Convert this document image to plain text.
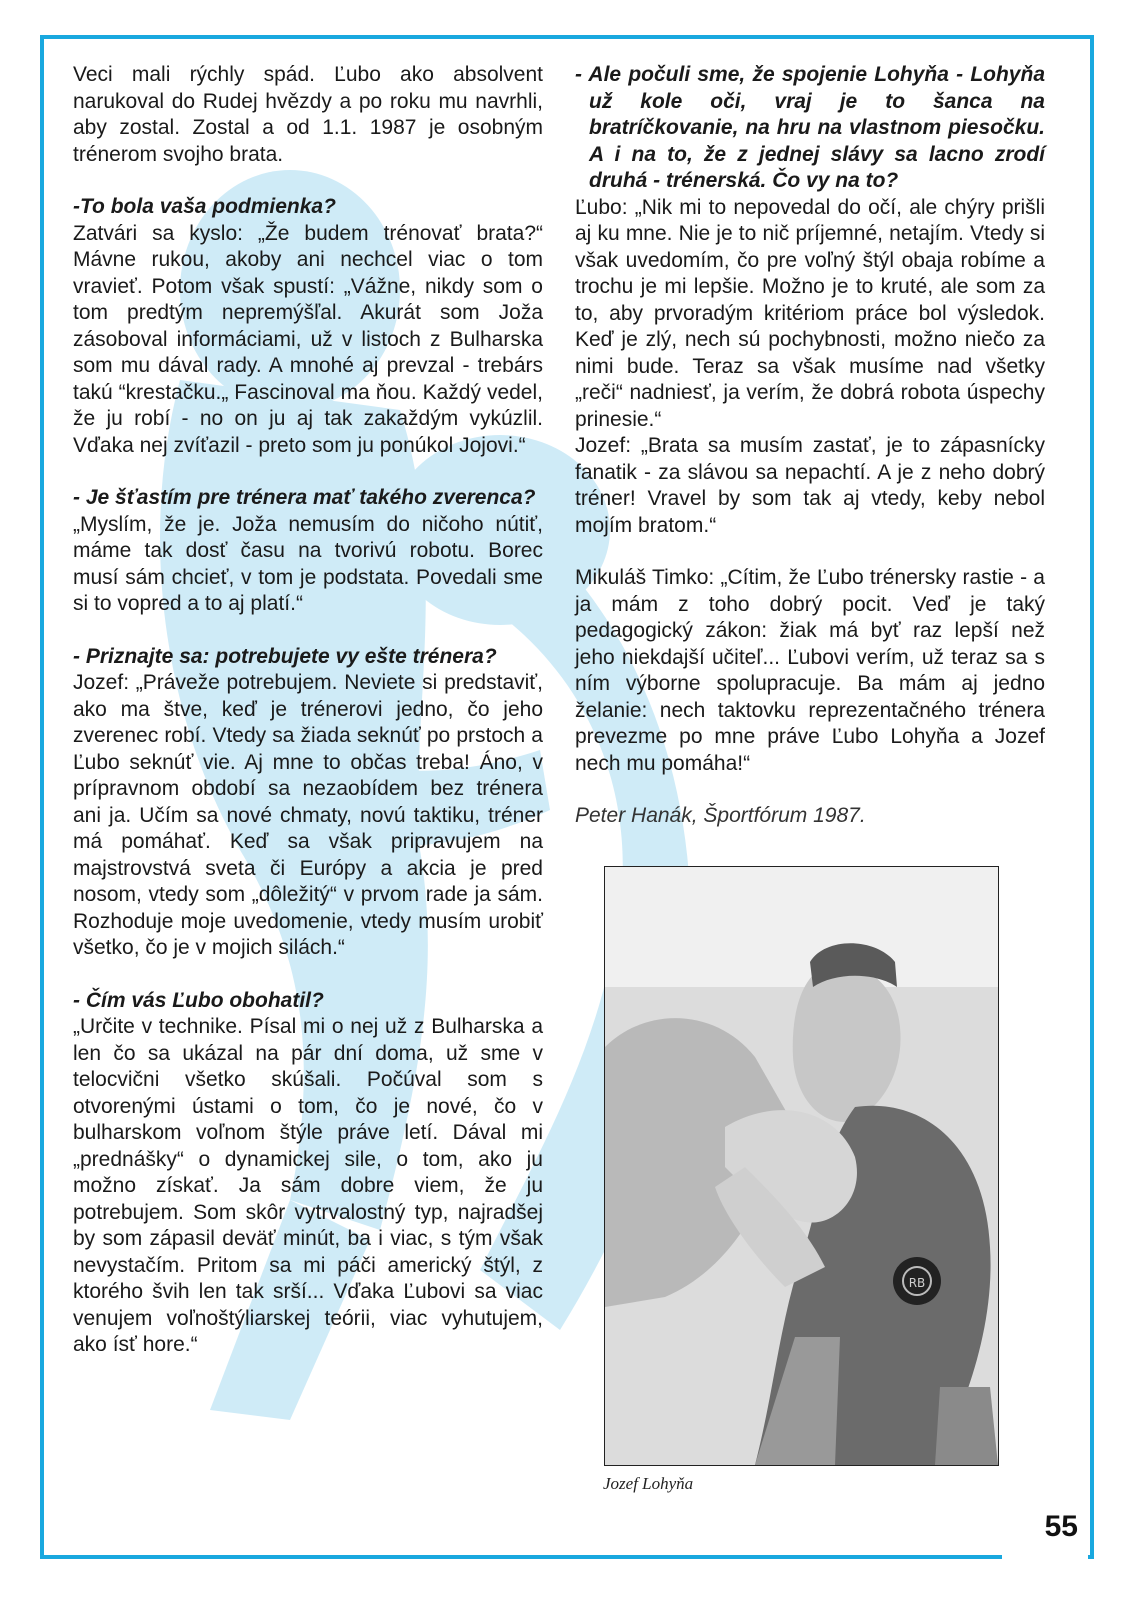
Veci mali rýchly spád. Ľubo ako absolvent narukoval do Rudej hvězdy a po roku mu navrhli, aby zostal. Zostal a od 1.1. 1987 je osobným trénerom svojho brata.

-To bola vaša podmienka?

Zatvári sa kyslo: „Že budem trénovať brata?“ Mávne rukou, akoby ani nechcel viac o tom vravieť. Potom však spustí: „Vážne, nikdy som o tom predtým nepremýšľal. Akurát som Joža zásoboval informáciami, už v listoch z Bulharska som mu dával rady. A mnohé aj prevzal - trebárs takú “krestačku.„ Fascinoval ma ňou. Každý vedel, že ju robí - no on ju aj tak zakaždým vykúzlil. Vďaka nej zvíťazil - preto som ju ponúkol Jojovi.“

- Je šťastím pre trénera mať takého zverenca?

„Myslím, že je. Joža nemusím do ničoho nútiť, máme tak dosť času na tvorivú robotu. Borec musí sám chcieť, v tom je podstata. Povedali sme si to vopred a to aj platí.“

- Priznajte sa: potrebujete vy ešte trénera?

Jozef: „Práveže potrebujem. Neviete si predstaviť, ako ma štve, keď je trénerovi jedno, čo jeho zverenec robí. Vtedy sa žiada seknúť po prstoch a Ľubo seknúť vie. Aj mne to občas treba! Áno, v prípravnom období sa nezaobídem bez trénera ani ja. Učím sa nové chmaty, novú taktiku, tréner má pomáhať. Keď sa však pripravujem na majstrovstvá sveta či Európy a akcia je pred nosom, vtedy som „dôležitý“ v prvom rade ja sám. Rozhoduje moje uvedomenie, vtedy musím urobiť všetko, čo je v mojich silách.“

- Čím vás Ľubo obohatil?

„Určite v technike. Písal mi o nej už z Bulharska a len čo sa ukázal na pár dní doma, už sme v telocvični všetko skúšali. Počúval som s otvorenými ústami o tom, čo je nové, čo v bulharskom voľnom štýle práve letí. Dával mi „prednášky“ o dynamickej sile, o tom, ako ju možno získať. Ja sám dobre viem, že ju potrebujem. Som skôr vytrvalostný typ, najradšej by som zápasil deväť minút, ba i viac, s tým však nevystačím. Pritom sa mi páči americký štýl, z ktorého švih len tak srší... Vďaka Ľubovi sa viac venujem voľnoštýliarskej teórii, viac vyhutujem, ako ísť hore.“

- Ale počuli sme, že spojenie Lohyňa - Lohyňa už kole oči, vraj je to šanca na bratríčkovanie, na hru na vlastnom piesočku. A i na to, že z jednej slávy sa lacno zrodí druhá - trénerská. Čo vy na to?

Ľubo: „Nik mi to nepovedal do očí, ale chýry prišli aj ku mne. Nie je to nič príjemné, netajím. Vtedy si však uvedomím, čo pre voľný štýl obaja robíme a trochu je mi lepšie. Možno je to kruté, ale som za to, aby prvoradým kritériom práce bol výsledok. Keď je zlý, nech sú pochybnosti, možno niečo za nimi bude. Teraz sa však musíme nad všetky „reči“ nadniesť, ja verím, že dobrá robota úspechy prinesie.“

Jozef: „Brata sa musím zastať, je to zápasnícky fanatik - za slávou sa nepachtí. A je z neho dobrý tréner! Vravel by som tak aj vtedy, keby nebol mojím bratom.“

Mikuláš Timko: „Cítim, že Ľubo trénersky rastie - a ja mám z toho dobrý pocit. Veď je taký pedagogický zákon: žiak má byť raz lepší než jeho niekdajší učiteľ... Ľubovi verím, už teraz sa s ním výborne spolupracuje. Ba mám aj jedno želanie: nech taktovku reprezentačného trénera prevezme po mne práve Ľubo Lohyňa a Jozef nech mu pomáha!“

Peter Hanák, Športfórum 1987.

RB
Jozef Lohyňa
55
